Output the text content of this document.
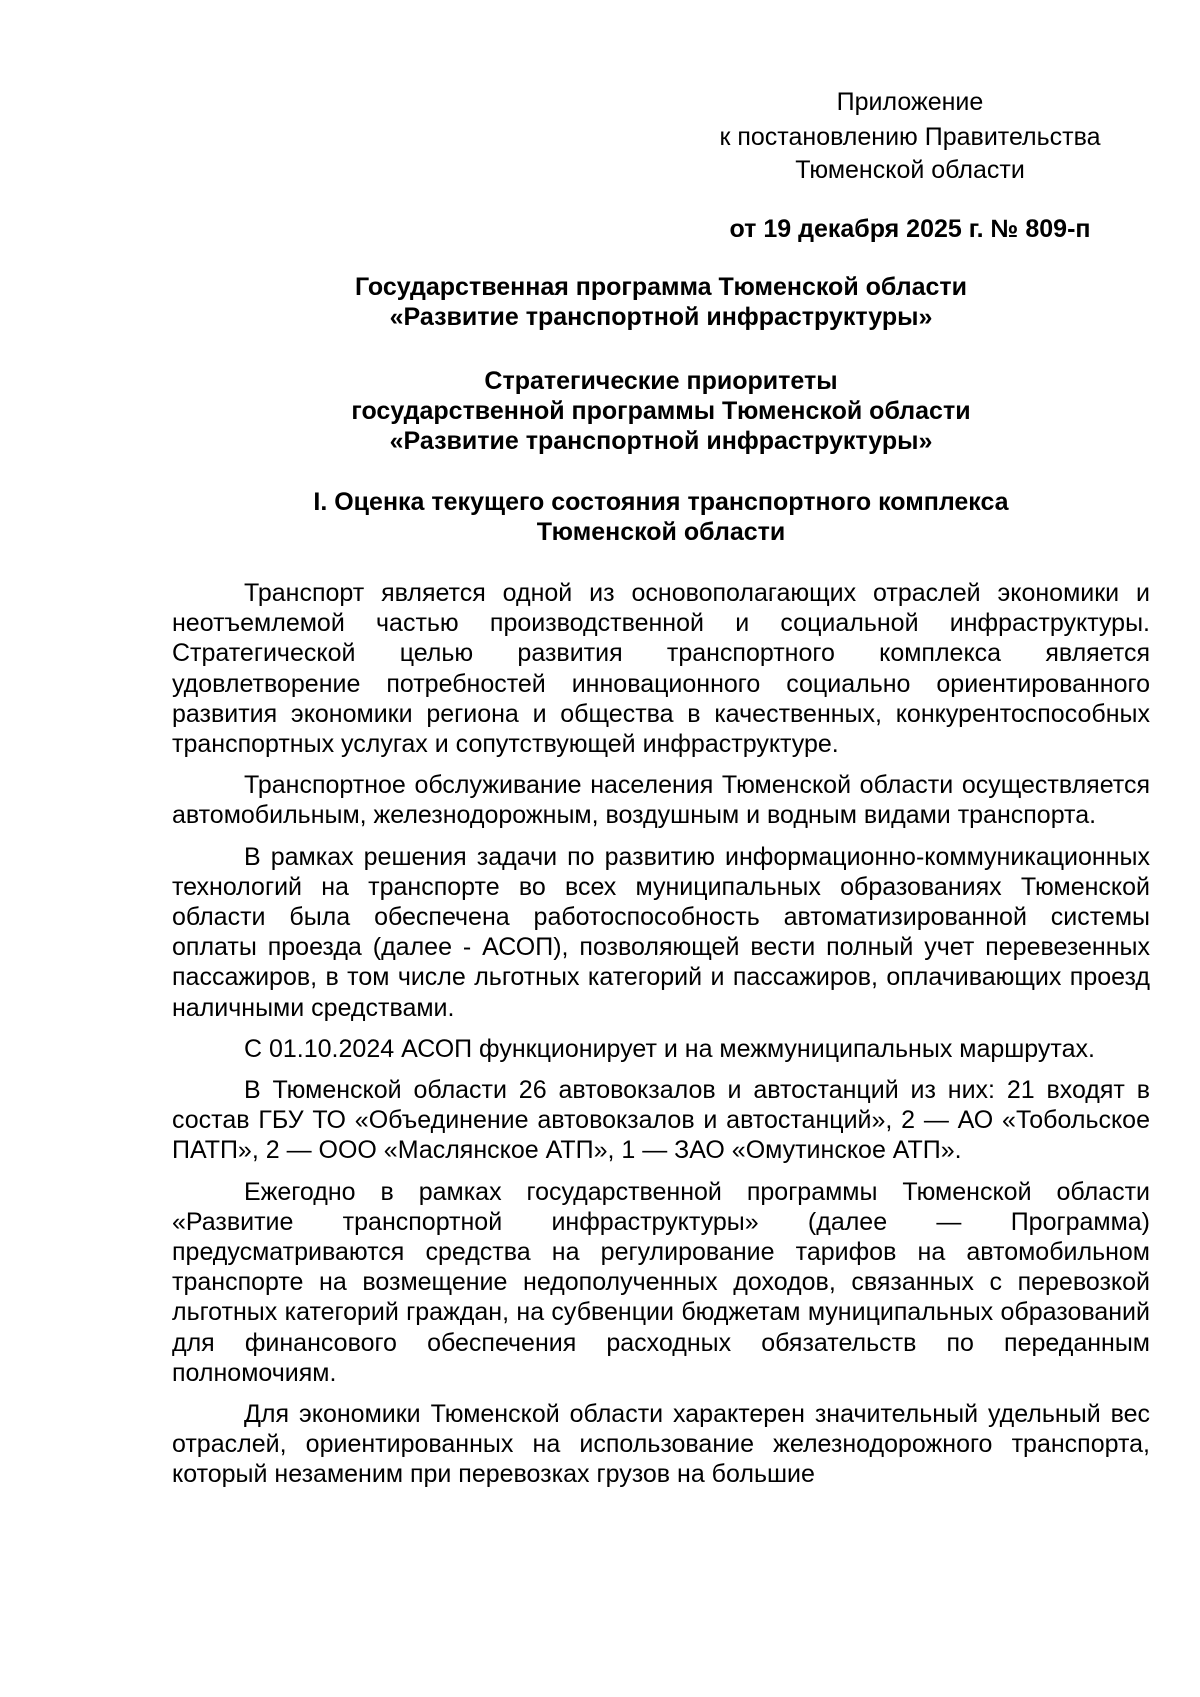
Приложение
к постановлению Правительства
Тюменской области
от 19 декабря 2025 г. № 809-п
Государственная программа Тюменской области
«Развитие транспортной инфраструктуры»
Стратегические приоритеты
государственной программы Тюменской области
«Развитие транспортной инфраструктуры»
I. Оценка текущего состояния транспортного комплекса
Тюменской области

Транспорт является одной из основополагающих отраслей экономики и неотъемлемой частью производственной и социальной инфраструктуры. Стратегической целью развития транспортного комплекса является удовлетворение потребностей инновационного социально ориентированного развития экономики региона и общества в качественных, конкурентоспособных транспортных услугах и сопутствующей инфраструктуре.

Транспортное обслуживание населения Тюменской области осуществляется автомобильным, железнодорожным, воздушным и водным видами транспорта.

В рамках решения задачи по развитию информационно-коммуникационных технологий на транспорте во всех муниципальных образованиях Тюменской области была обеспечена работоспособность автоматизированной системы оплаты проезда (далее - АСОП), позволяющей вести полный учет перевезенных пассажиров, в том числе льготных категорий и пассажиров, оплачивающих проезд наличными средствами.

С 01.10.2024 АСОП функционирует и на межмуниципальных маршрутах.

В Тюменской области 26 автовокзалов и автостанций из них: 21 входят в состав ГБУ ТО «Объединение автовокзалов и автостанций», 2 — АО «Тобольское ПАТП», 2 — ООО «Маслянское АТП», 1 — ЗАО «Омутинское АТП».

Ежегодно в рамках государственной программы Тюменской области «Развитие транспортной инфраструктуры» (далее — Программа) предусматриваются средства на регулирование тарифов на автомобильном транспорте на возмещение недополученных доходов, связанных с перевозкой льготных категорий граждан, на субвенции бюджетам муниципальных образований для финансового обеспечения расходных обязательств по переданным полномочиям.

Для экономики Тюменской области характерен значительный удельный вес отраслей, ориентированных на использование железнодорожного транспорта, который незаменим при перевозках грузов на большие
